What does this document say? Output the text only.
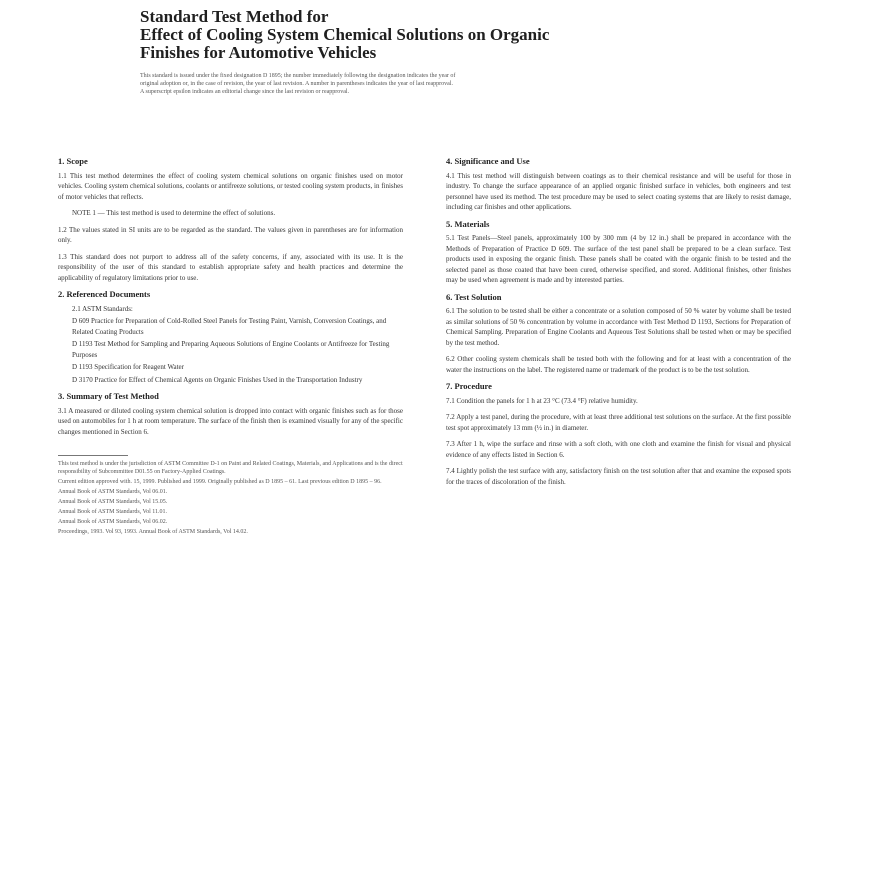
Standard Test Method for
Effect of Cooling System Chemical Solutions on Organic
Finishes for Automotive Vehicles
This standard is issued under the fixed designation D 1895; the number immediately following the designation indicates the year of
original adoption or, in the case of revision, the year of last revision. A number in parentheses indicates the year of last reapproval.
A superscript epsilon indicates an editorial change since the last revision or reapproval.
1. Scope

1.1 This test method determines the effect of cooling system chemical solutions on organic finishes used on motor vehicles. Cooling system chemical solutions, coolants or antifreeze solutions, or tested cooling system products, in finishes of motor vehicles that reflects.

NOTE 1 — This test method is used to determine the effect of solutions.

1.2 The values stated in SI units are to be regarded as the standard. The values given in parentheses are for information only.

1.3 This standard does not purport to address all of the safety concerns, if any, associated with its use. It is the responsibility of the user of this standard to establish appropriate safety and health practices and determine the applicability of regulatory limitations prior to use.

2. Referenced Documents
2.1 ASTM Standards:
D 609 Practice for Preparation of Cold-Rolled Steel Panels for Testing Paint, Varnish, Conversion Coatings, and Related Coating Products
D 1193 Test Method for Sampling and Preparing Aqueous Solutions of Engine Coolants or Antifreeze for Testing Purposes
D 1193 Specification for Reagent Water
D 3170 Practice for Effect of Chemical Agents on Organic Finishes Used in the Transportation Industry
3. Summary of Test Method

3.1 A measured or diluted cooling system chemical solution is dropped into contact with organic finishes such as for those used on automobiles for 1 h at room temperature. The surface of the finish then is examined visually for any of the specific changes mentioned in Section 6.

This test method is under the jurisdiction of ASTM Committee D-1 on Paint and Related Coatings, Materials, and Applications and is the direct responsibility of Subcommittee D01.55 on Factory-Applied Coatings.

Current edition approved with. 15, 1999. Published and 1999. Originally published as D 1895 – 61. Last previous edition D 1895 – 96.

Annual Book of ASTM Standards, Vol 06.01.

Annual Book of ASTM Standards, Vol 15.05.

Annual Book of ASTM Standards, Vol 11.01.

Annual Book of ASTM Standards, Vol 06.02.

Proceedings, 1993. Vol 93, 1993. Annual Book of ASTM Standards, Vol 14.02.

4. Significance and Use

4.1 This test method will distinguish between coatings as to their chemical resistance and will be useful for those in industry. To change the surface appearance of an applied organic finished surface in vehicles, both engineers and test personnel have used its method. The test procedure may be used to select coating systems that are likely to resist damage, including car finishes and other applications.

5. Materials

5.1 Test Panels—Steel panels, approximately 100 by 300 mm (4 by 12 in.) shall be prepared in accordance with the Methods of Preparation of Practice D 609. The surface of the test panel shall be prepared to be a clean surface. Test products used in exposing the organic finish. These panels shall be coated with the organic finish to be tested and the selected panel as those coated that have been cured, otherwise specified, and stored. Additional finishes, other finishes may be used when agreement is made and by interested parties.

6. Test Solution

6.1 The solution to be tested shall be either a concentrate or a solution composed of 50 % water by volume shall be tested as similar solutions of 50 % concentration by volume in accordance with Test Method D 1193, Sections for Preparation of Chemical Sampling. Preparation of Engine Coolants and Aqueous Test Solutions shall be tested when or may be specified by the test method.

6.2 Other cooling system chemicals shall be tested both with the following and for at least with a concentration of the water the instructions on the label. The registered name or trademark of the product is to be the test solution.

7. Procedure

7.1 Condition the panels for 1 h at 23 °C (73.4 °F) relative humidity.

7.2 Apply a test panel, during the procedure, with at least three additional test solutions on the surface. At the first possible test spot approximately 13 mm (½ in.) in diameter.

7.3 After 1 h, wipe the surface and rinse with a soft cloth, with one cloth and examine the finish for visual and physical evidence of any effects listed in Section 6.

7.4 Lightly polish the test surface with any, satisfactory finish on the test solution after that and examine the exposed spots for the traces of discoloration of the finish.
